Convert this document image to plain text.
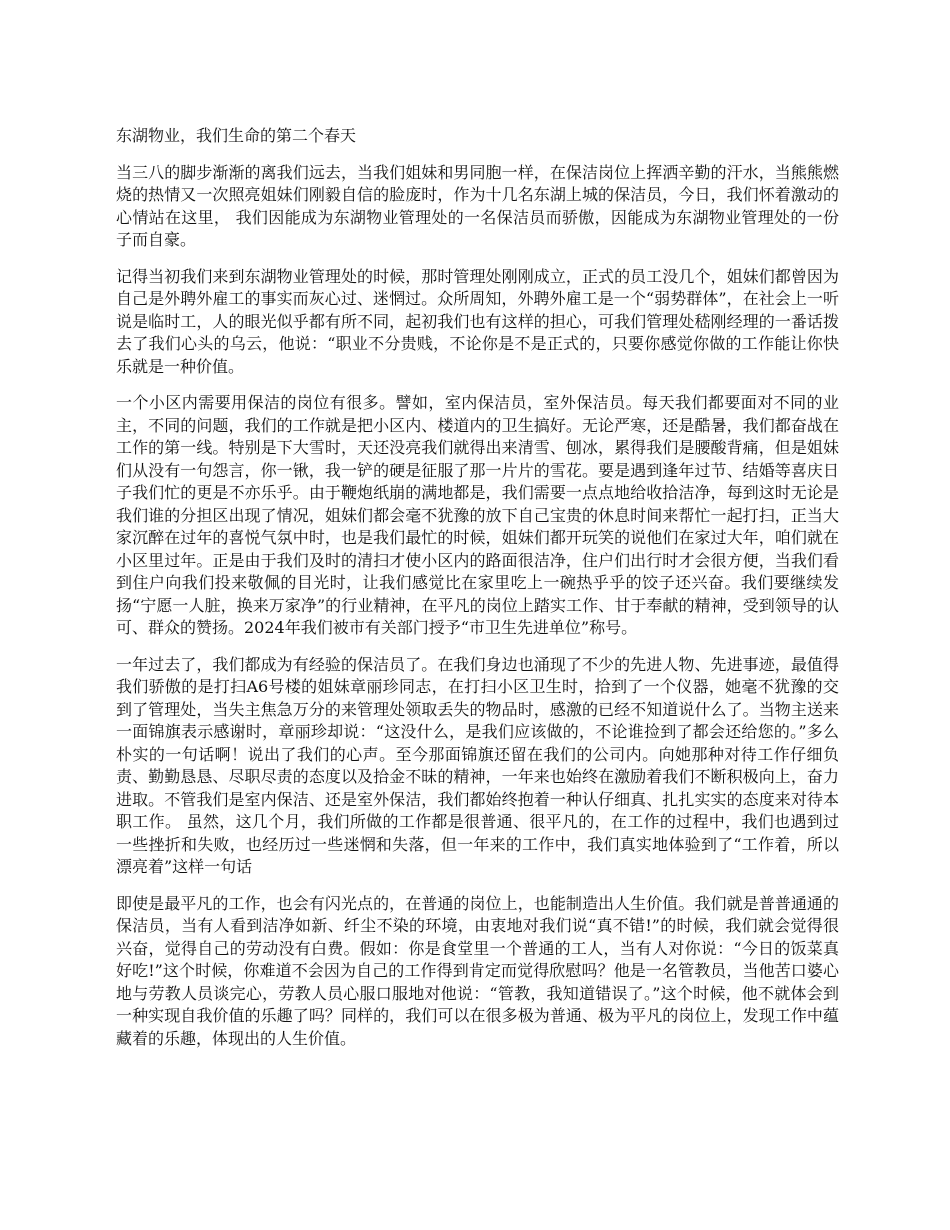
东湖物业，我们生命的第二个春天

当三八的脚步渐渐的离我们远去，当我们姐妹和男同胞一样，在保洁岗位上挥洒辛勤的汗水，当熊熊燃烧的热情又一次照亮姐妹们刚毅自信的脸庞时，作为十几名东湖上城的保洁员，今日，我们怀着激动的心情站在这里， 我们因能成为东湖物业管理处的一名保洁员而骄傲，因能成为东湖物业管理处的一份子而自豪。

记得当初我们来到东湖物业管理处的时候，那时管理处刚刚成立，正式的员工没几个，姐妹们都曾因为自己是外聘外雇工的事实而灰心过、迷惘过。众所周知，外聘外雇工是一个“弱势群体”，在社会上一听说是临时工，人的眼光似乎都有所不同，起初我们也有这样的担心，可我们管理处嵇刚经理的一番话拨去了我们心头的乌云，他说：“职业不分贵贱，不论你是不是正式的，只要你感觉你做的工作能让你快乐就是一种价值。

一个小区内需要用保洁的岗位有很多。譬如，室内保洁员，室外保洁员。每天我们都要面对不同的业主，不同的问题，我们的工作就是把小区内、楼道内的卫生搞好。无论严寒，还是酷暑，我们都奋战在工作的第一线。特别是下大雪时，天还没亮我们就得出来清雪、刨冰，累得我们是腰酸背痛，但是姐妹们从没有一句怨言，你一锹，我一铲的硬是征服了那一片片的雪花。要是遇到逢年过节、结婚等喜庆日子我们忙的更是不亦乐乎。由于鞭炮纸崩的满地都是，我们需要一点点地给收拾洁净，每到这时无论是我们谁的分担区出现了情况，姐妹们都会毫不犹豫的放下自己宝贵的休息时间来帮忙一起打扫，正当大家沉醉在过年的喜悦气氛中时，也是我们最忙的时候，姐妹们都开玩笑的说他们在家过大年，咱们就在小区里过年。正是由于我们及时的清扫才使小区内的路面很洁净，住户们出行时才会很方便，当我们看到住户向我们投来敬佩的目光时，让我们感觉比在家里吃上一碗热乎乎的饺子还兴奋。我们要继续发扬“宁愿一人脏，换来万家净”的行业精神，在平凡的岗位上踏实工作、甘于奉献的精神，受到领导的认可、群众的赞扬。2024年我们被市有关部门授予“市卫生先进单位”称号。

一年过去了，我们都成为有经验的保洁员了。在我们身边也涌现了不少的先进人物、先进事迹，最值得我们骄傲的是打扫A6号楼的姐妹章丽珍同志，在打扫小区卫生时，拾到了一个仪器，她毫不犹豫的交到了管理处，当失主焦急万分的来管理处领取丢失的物品时，感激的已经不知道说什么了。当物主送来一面锦旗表示感谢时，章丽珍却说：“这没什么，是我们应该做的，不论谁捡到了都会还给您的。”多么朴实的一句话啊！说出了我们的心声。至今那面锦旗还留在我们的公司内。向她那种对待工作仔细负责、勤勤恳恳、尽职尽责的态度以及拾金不昧的精神，一年来也始终在激励着我们不断积极向上，奋力进取。不管我们是室内保洁、还是室外保洁，我们都始终抱着一种认仔细真、扎扎实实的态度来对待本职工作。 虽然，这几个月，我们所做的工作都是很普通、很平凡的，在工作的过程中，我们也遇到过一些挫折和失败，也经历过一些迷惘和失落，但一年来的工作中，我们真实地体验到了“工作着，所以漂亮着”这样一句话

即使是最平凡的工作，也会有闪光点的，在普通的岗位上，也能制造出人生价值。我们就是普普通通的保洁员，当有人看到洁净如新、纤尘不染的环境，由衷地对我们说“真不错!”的时候，我们就会觉得很兴奋，觉得自己的劳动没有白费。假如：你是食堂里一个普通的工人，当有人对你说：“今日的饭菜真好吃!”这个时候，你难道不会因为自己的工作得到肯定而觉得欣慰吗？他是一名管教员，当他苦口婆心地与劳教人员谈完心，劳教人员心服口服地对他说：“管教，我知道错误了。”这个时候，他不就体会到一种实现自我价值的乐趣了吗？同样的，我们可以在很多极为普通、极为平凡的岗位上，发现工作中蕴藏着的乐趣，体现出的人生价值。
